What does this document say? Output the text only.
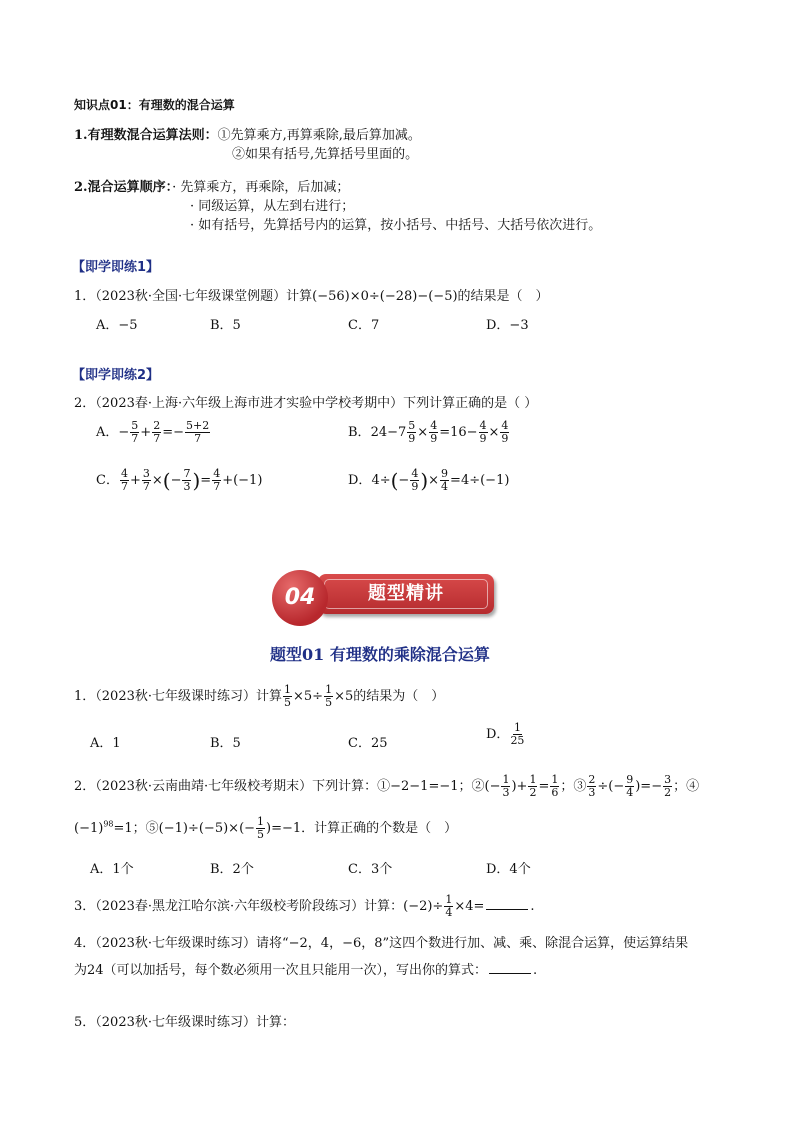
知识点01：有理数的混合运算
1.有理数混合运算法则：①先算乘方,再算乘除,最后算加减。
②如果有括号,先算括号里面的。
2.混合运算顺序：· 先算乘方，再乘除，后加减；
· 同级运算，从左到右进行；
· 如有括号，先算括号内的运算，按小括号、中括号、大括号依次进行。
【即学即练1】
1．（2023秋·全国·七年级课堂例题）计算(−56)×0÷(−28)−(−5)的结果是（　）
A．−5	B．5	C．7	D．−3
【即学即练2】
2．（2023春·上海·六年级上海市进才实验中学校考期中）下列计算正确的是（ ）
A．− $\frac{5}{7} + \frac{2}{7} =- \frac{5+2}{7}$	B．$24-7 \frac{5}{9} \times \frac{4}{9} =16- \frac{4}{9} \times \frac{4}{9}$
C． $\frac{4}{7} + \frac{3}{7}$ ×(− $\frac{7}{3}$ )= $\frac{4}{7} +(-1)$	D．$4\div(- \frac{4}{9}$ )× $\frac{9}{4} =4\div(-1)$
题型精讲
04
题型01 有理数的乘除混合运算
1．（2023秋·七年级课时练习）计算 $\frac{1}{5} \times 5\div \frac{1}{5} \times 5$的结果为（　）
A．1	B．5	C．25
D． $\frac{1}{25}$
2．（2023秋·云南曲靖·七年级校考期末）下列计算：①−2−1=−1；②(− $\frac{1}{3}$ )+ $\frac{1}{2} = \frac{1}{6}$ ；③ $\frac{2}{3}$ ÷(− $\frac{9}{4}$ )=− $\frac{3}{2}$ ；④
$(-1)^{98}=1$；⑤(−1)÷(−5)×(− $\frac{1}{5} )=-1$．计算正确的个数是（　）
A．1个	B．2个	C．3个	D．4个
3．（2023春·黑龙江哈尔滨·六年级校考阶段练习）计算：$(-2)\div \frac{1}{4} \times 4=$	.
4．（2023秋·七年级课时练习）请将“−2，4，−6，8”这四个数进行加、减、乘、除混合运算，使运算结果
为24（可以加括号，每个数必须用一次且只能用一次），写出你的算式：	.
5．（2023秋·七年级课时练习）计算：
